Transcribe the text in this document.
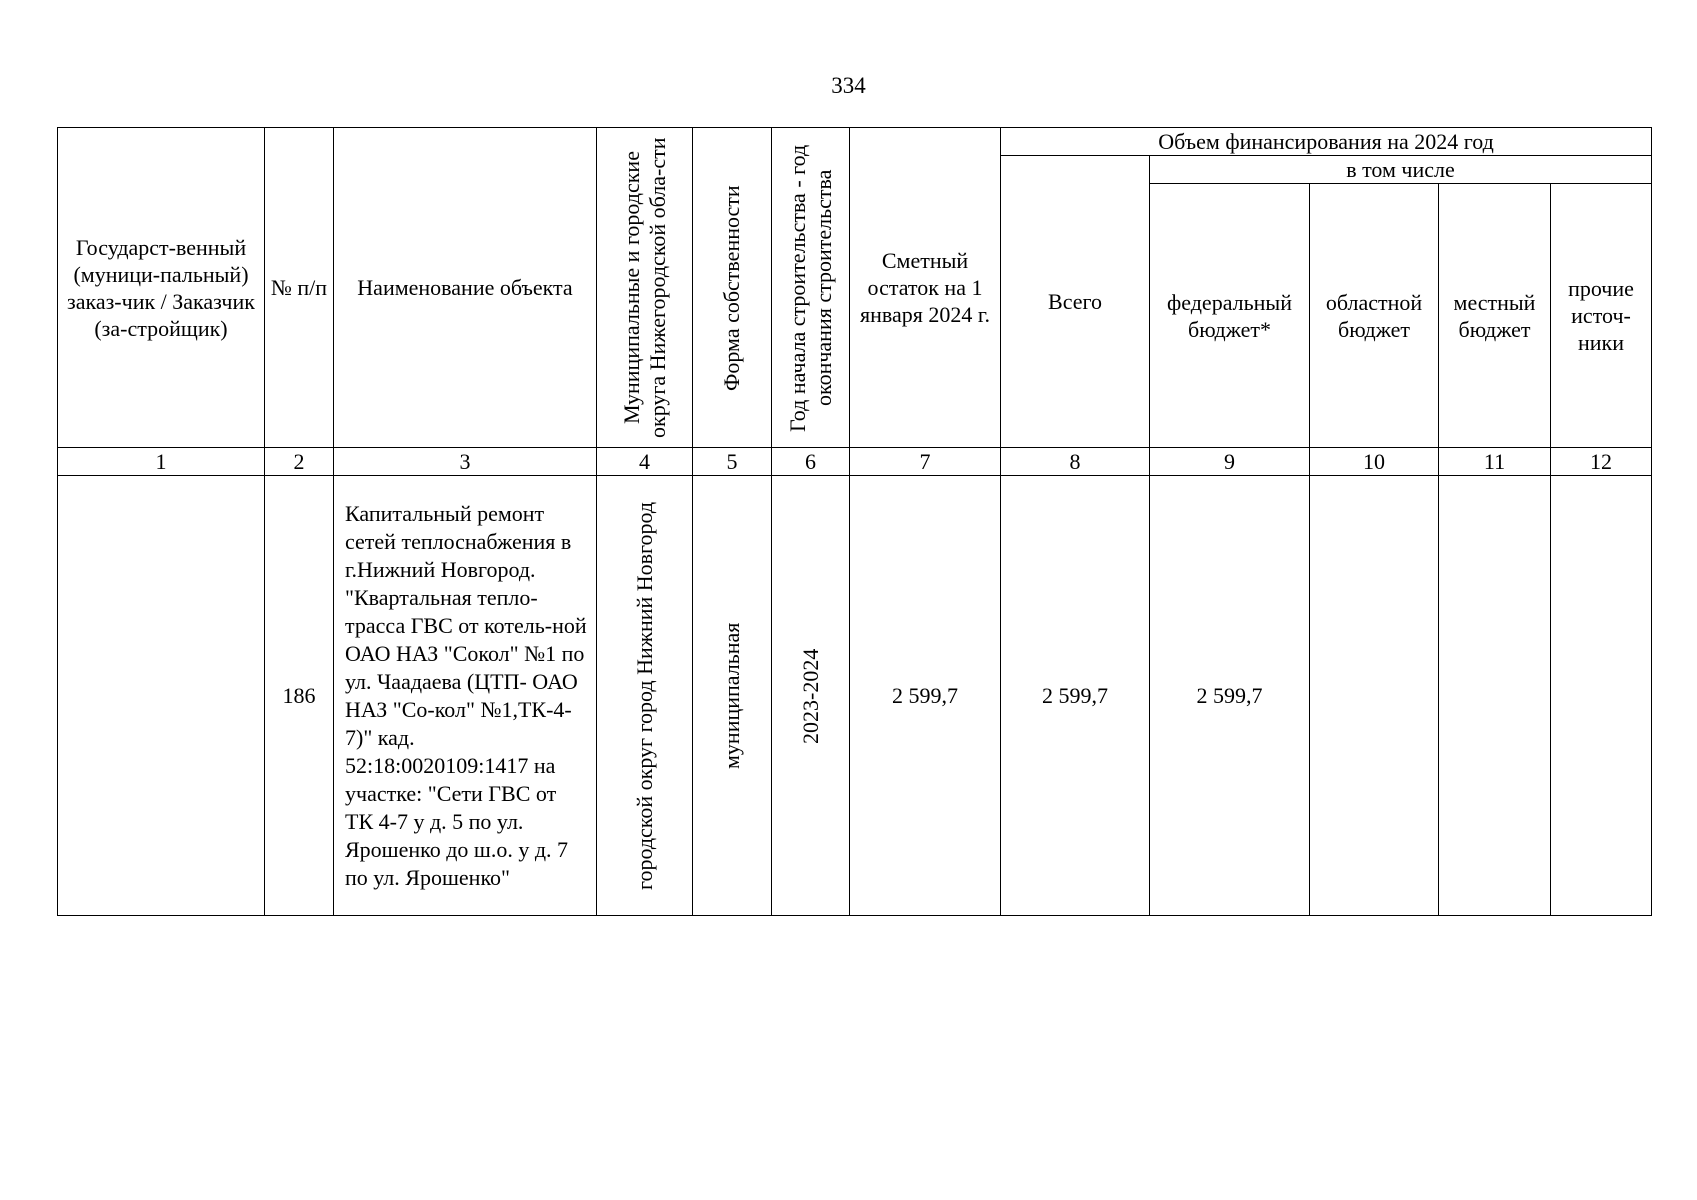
334
Государст-венный (муници-пальный) заказ-чик / Заказчик (за-стройщик)	№ п/п	Наименование объекта	Муниципальные и городские округа Нижегородской обла-сти	Форма собственности	Год начала строительства - год окончания строительства	Сметный остаток на 1 января 2024 г.	Объем финансирования на 2024 год				

							Всего	в том числе			

								федеральный бюджет*	областной бюджет	местный бюджет	прочие источ-ники

1	2	3	4	5	6	7	8	9	10	11	12
	186	Капитальный ремонт сетей теплоснабжения в г.Нижний Новгород. "Квартальная тепло-трасса ГВС от котель-ной ОАО НАЗ "Сокол" №1 по ул. Чаадаева (ЦТП- ОАО НАЗ "Со-кол" №1,ТК-4-7)" кад. 52:18:0020109:1417 на участке: "Сети ГВС от ТК 4-7 у д. 5 по ул. Ярошенко до ш.о. у д. 7 по ул. Ярошенко"	городской округ город Нижний Новгород	муниципальная	2023-2024	2 599,7	2 599,7	2 599,7			
